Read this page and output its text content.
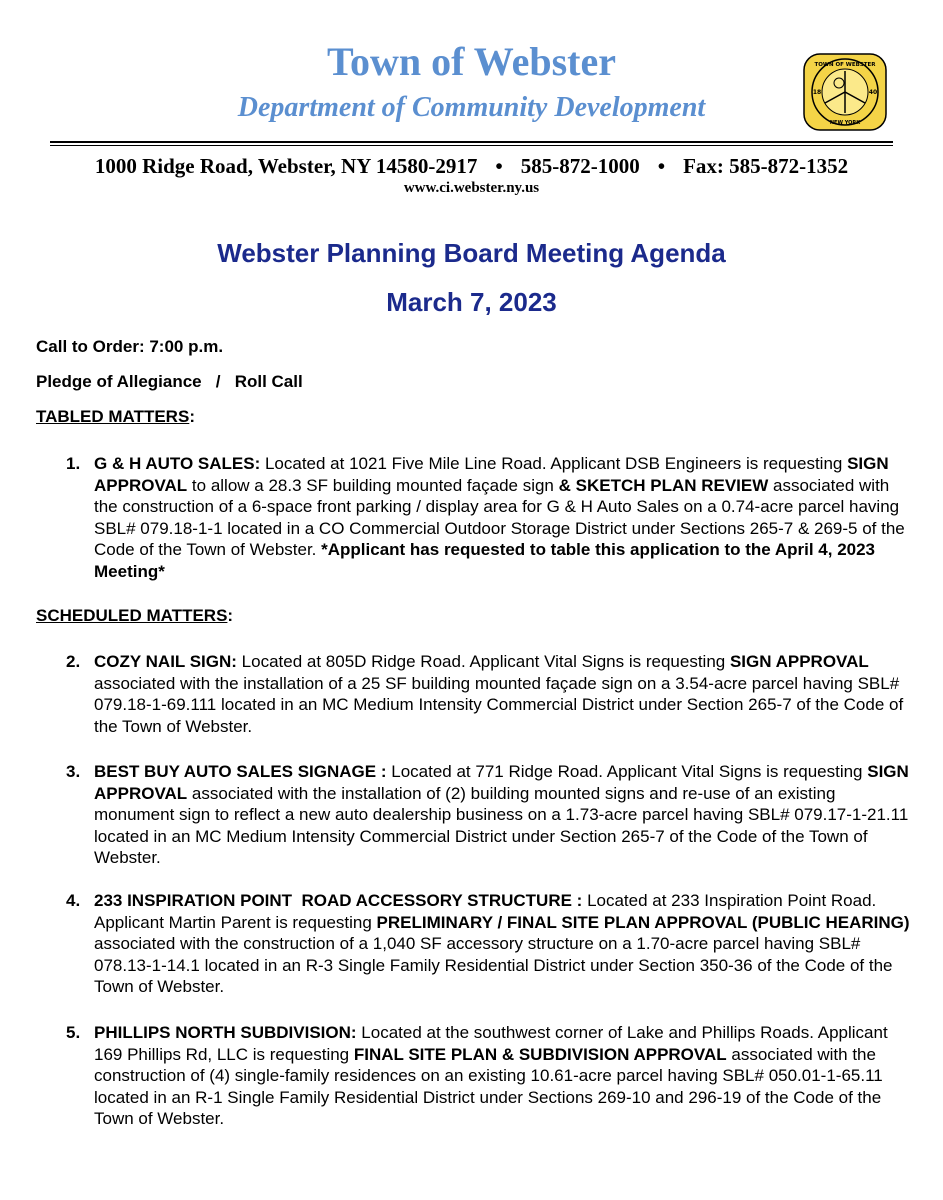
Town of Webster
Department of Community Development
TOWN OF WEBSTER
NEW YORK
18	40
1000 Ridge Road, Webster, NY 14580-2917 • 585-872-1000 • Fax: 585-872-1352
www.ci.webster.ny.us
Webster Planning Board Meeting Agenda
March 7, 2023
Call to Order: 7:00 p.m.
Pledge of Allegiance   /   Roll Call
TABLED MATTERS:
1. G & H AUTO SALES: Located at 1021 Five Mile Line Road. Applicant DSB Engineers is requesting SIGN APPROVAL to allow a 28.3 SF building mounted façade sign & SKETCH PLAN REVIEW associated with the construction of a 6-space front parking / display area for G & H Auto Sales on a 0.74-acre parcel having SBL# 079.18-1-1 located in a CO Commercial Outdoor Storage District under Sections 265-7 & 269-5 of the Code of the Town of Webster. *Applicant has requested to table this application to the April 4, 2023 Meeting*
SCHEDULED MATTERS:
2. COZY NAIL SIGN: Located at 805D Ridge Road. Applicant Vital Signs is requesting SIGN APPROVAL associated with the installation of a 25 SF building mounted façade sign on a 3.54-acre parcel having SBL# 079.18-1-69.111 located in an MC Medium Intensity Commercial District under Section 265-7 of the Code of the Town of Webster.
3. BEST BUY AUTO SALES SIGNAGE : Located at 771 Ridge Road. Applicant Vital Signs is requesting SIGN APPROVAL associated with the installation of (2) building mounted signs and re-use of an existing monument sign to reflect a new auto dealership business on a 1.73-acre parcel having SBL# 079.17-1-21.11 located in an MC Medium Intensity Commercial District under Section 265-7 of the Code of the Town of Webster.
4. 233 INSPIRATION POINT  ROAD ACCESSORY STRUCTURE : Located at 233 Inspiration Point Road. Applicant Martin Parent is requesting PRELIMINARY / FINAL SITE PLAN APPROVAL (PUBLIC HEARING) associated with the construction of a 1,040 SF accessory structure on a 1.70-acre parcel having SBL# 078.13-1-14.1 located in an R-3 Single Family Residential District under Section 350-36 of the Code of the Town of Webster.
5. PHILLIPS NORTH SUBDIVISION: Located at the southwest corner of Lake and Phillips Roads. Applicant 169 Phillips Rd, LLC is requesting FINAL SITE PLAN & SUBDIVISION APPROVAL associated with the construction of (4) single-family residences on an existing 10.61-acre parcel having SBL# 050.01-1-65.11 located in an R-1 Single Family Residential District under Sections 269-10 and 296-19 of the Code of the Town of Webster.
